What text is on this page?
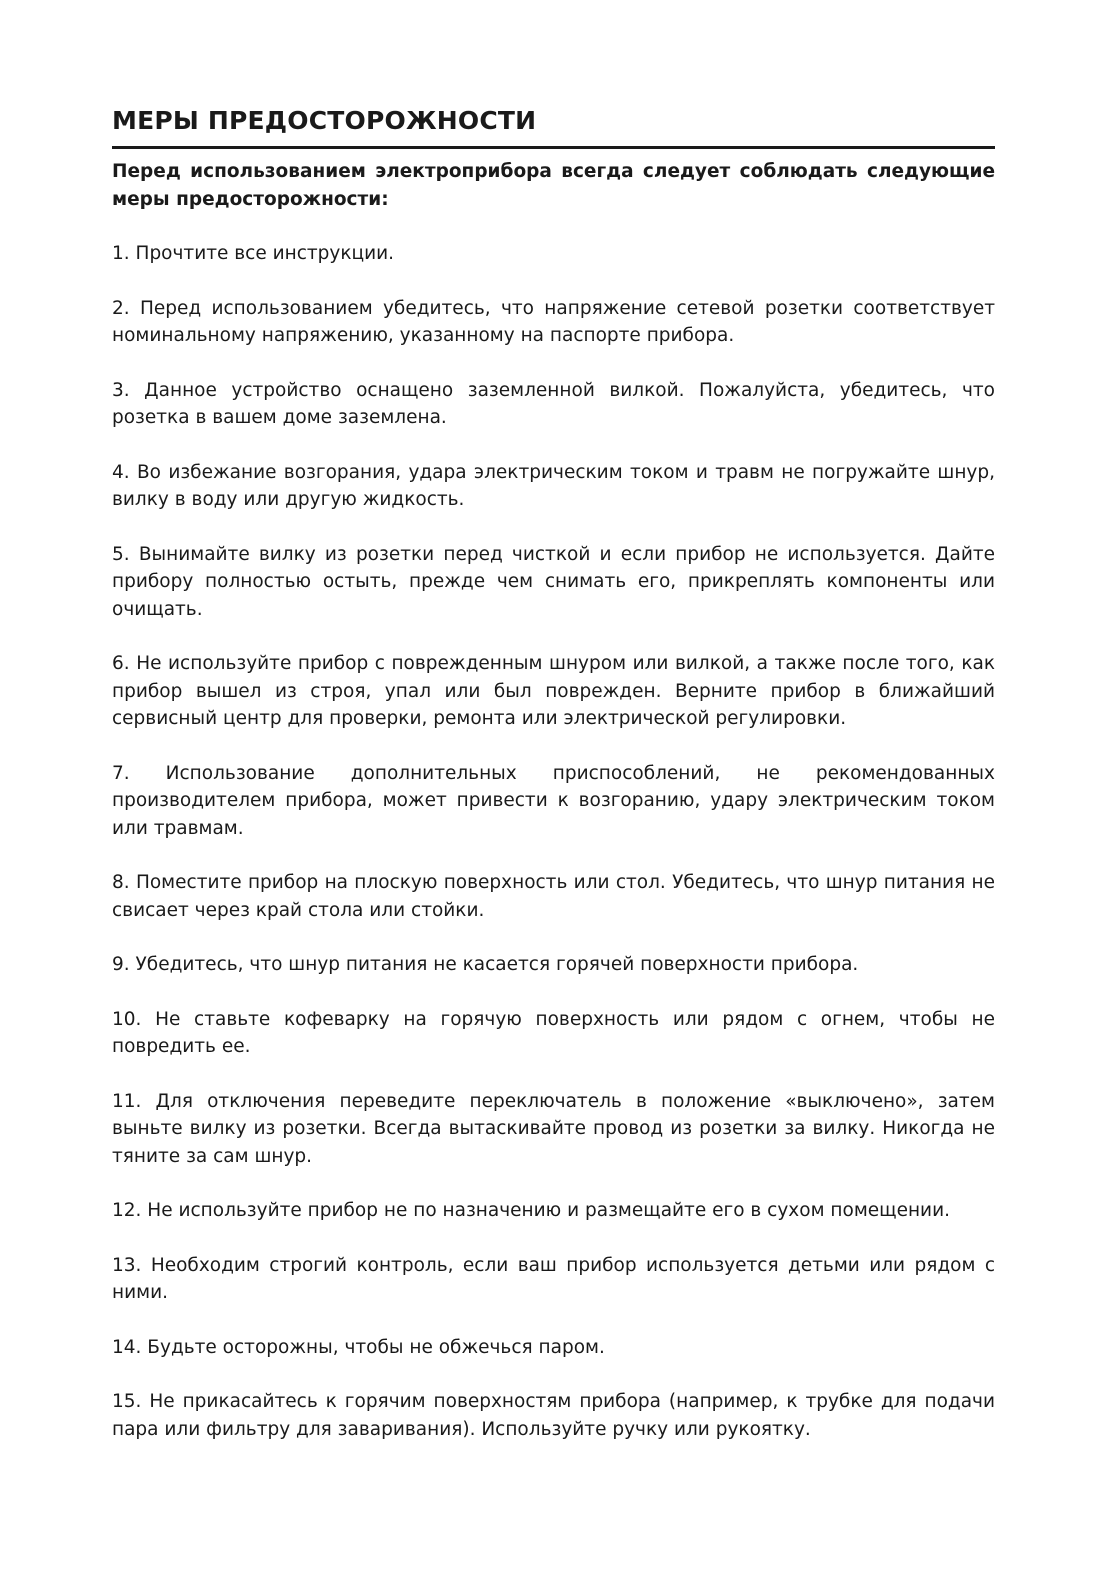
МЕРЫ ПРЕДОСТОРОЖНОСТИ

Перед использованием электроприбора всегда следует соблюдать следующие меры предосторожности:

1. Прочтите все инструкции.
2. Перед использованием убедитесь, что напряжение сетевой розетки соответствует номинальному напряжению, указанному на паспорте прибора.
3. Данное устройство оснащено заземленной вилкой. Пожалуйста, убедитесь, что розетка в вашем доме заземлена.
4. Во избежание возгорания, удара электрическим током и травм не погружайте шнур, вилку в воду или другую жидкость.
5. Вынимайте вилку из розетки перед чисткой и если прибор не используется. Дайте прибору полностью остыть, прежде чем снимать его, прикреплять компоненты или очищать.
6. Не используйте прибор с поврежденным шнуром или вилкой, а также после того, как прибор вышел из строя, упал или был поврежден. Верните прибор в ближайший сервисный центр для проверки, ремонта или электрической регулировки.
7. Использование дополнительных приспособлений, не рекомендованных производителем прибора, может привести к возгоранию, удару электрическим током или травмам.
8. Поместите прибор на плоскую поверхность или стол. Убедитесь, что шнур питания не свисает через край стола или стойки.
9. Убедитесь, что шнур питания не касается горячей поверхности прибора.
10. Не ставьте кофеварку на горячую поверхность или рядом с огнем, чтобы не повредить ее.
11. Для отключения переведите переключатель в положение «выключено», затем выньте вилку из розетки. Всегда вытаскивайте провод из розетки за вилку. Никогда не тяните за сам шнур.
12. Не используйте прибор не по назначению и размещайте его в сухом помещении.
13. Необходим строгий контроль, если ваш прибор используется детьми или рядом с ними.
14. Будьте осторожны, чтобы не обжечься паром.
15. Не прикасайтесь к горячим поверхностям прибора (например, к трубке для подачи пара или фильтру для заваривания). Используйте ручку или рукоятку.
